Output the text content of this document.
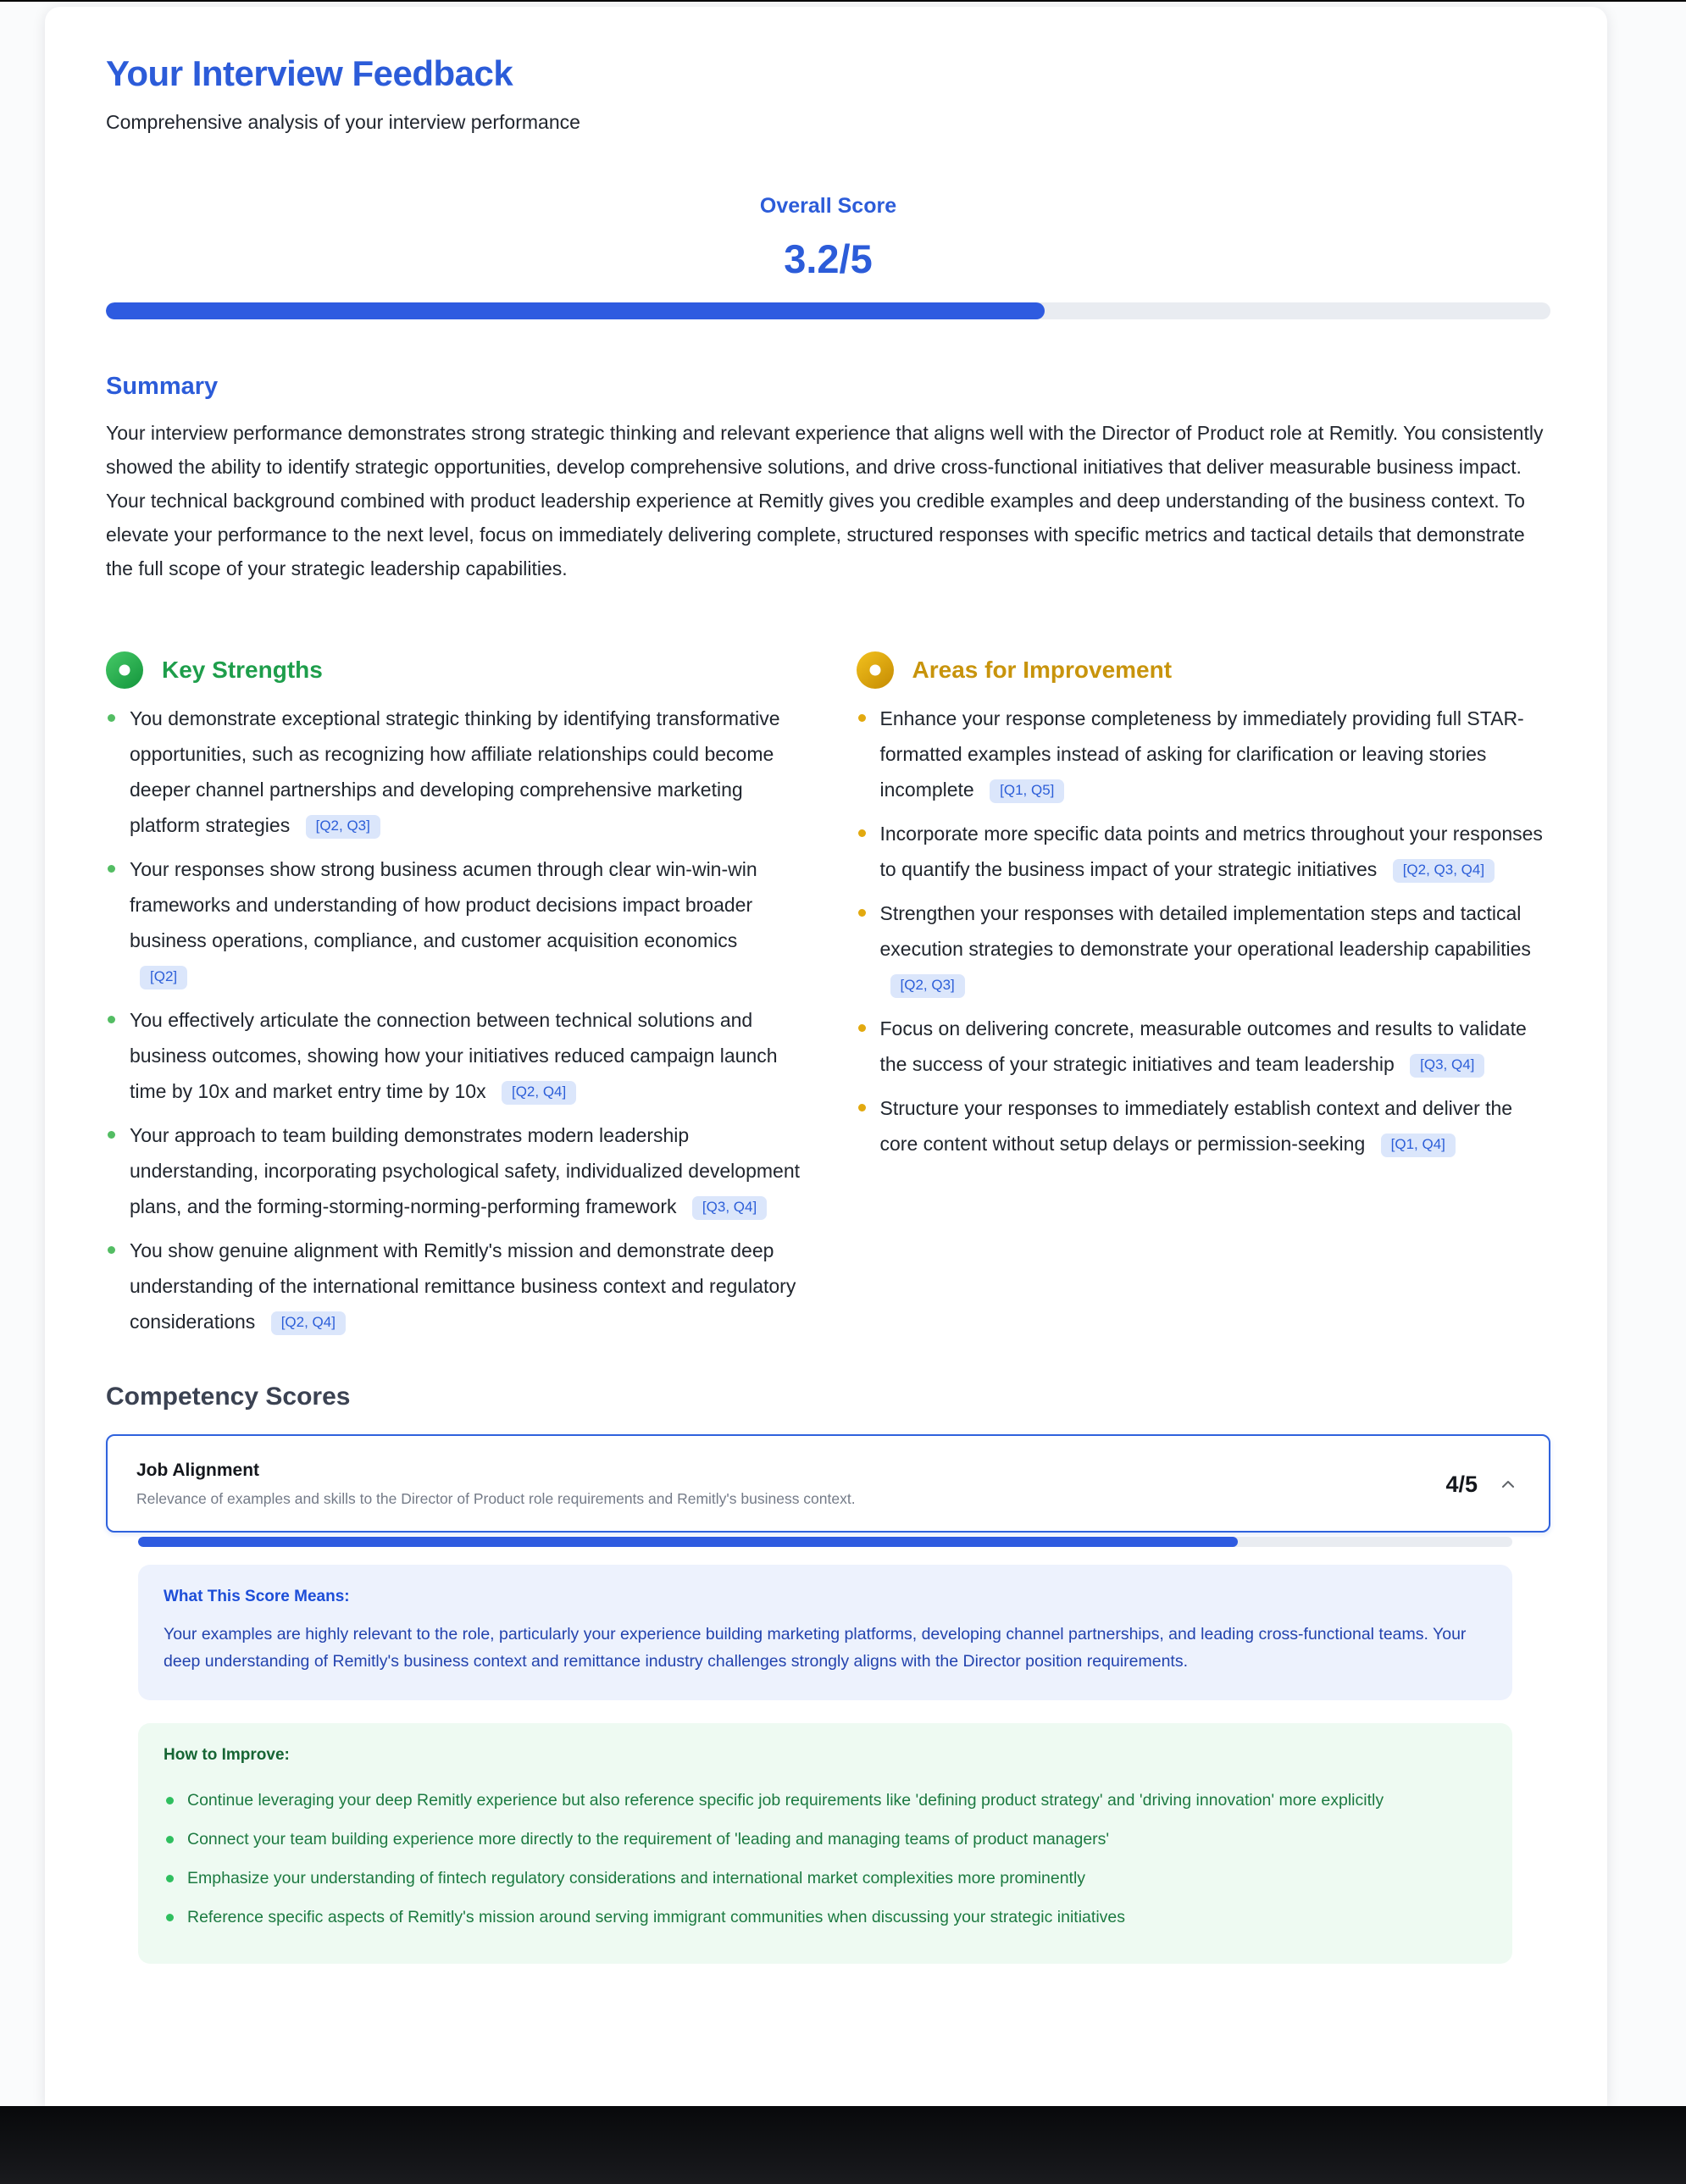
Your Interview Feedback
Comprehensive analysis of your interview performance
Overall Score
3.2/5
Summary

Your interview performance demonstrates strong strategic thinking and relevant experience that aligns well with the Director of Product role at Remitly. You consistently showed the ability to identify strategic opportunities, develop comprehensive solutions, and drive cross-functional initiatives that deliver measurable business impact. Your technical background combined with product leadership experience at Remitly gives you credible examples and deep understanding of the business context. To elevate your performance to the next level, focus on immediately delivering complete, structured responses with specific metrics and tactical details that demonstrate the full scope of your strategic leadership capabilities.

Key Strengths
You demonstrate exceptional strategic thinking by identifying transformative opportunities, such as recognizing how affiliate relationships could become deeper channel partnerships and developing comprehensive marketing platform strategies [Q2, Q3]
Your responses show strong business acumen through clear win-win-win frameworks and understanding of how product decisions impact broader business operations, compliance, and customer acquisition economics [Q2]
You effectively articulate the connection between technical solutions and business outcomes, showing how your initiatives reduced campaign launch time by 10x and market entry time by 10x [Q2, Q4]
Your approach to team building demonstrates modern leadership understanding, incorporating psychological safety, individualized development plans, and the forming-storming-norming-performing framework [Q3, Q4]
You show genuine alignment with Remitly's mission and demonstrate deep understanding of the international remittance business context and regulatory considerations [Q2, Q4]
Areas for Improvement
Enhance your response completeness by immediately providing full STAR-formatted examples instead of asking for clarification or leaving stories incomplete [Q1, Q5]
Incorporate more specific data points and metrics throughout your responses to quantify the business impact of your strategic initiatives [Q2, Q3, Q4]
Strengthen your responses with detailed implementation steps and tactical execution strategies to demonstrate your operational leadership capabilities [Q2, Q3]
Focus on delivering concrete, measurable outcomes and results to validate the success of your strategic initiatives and team leadership [Q3, Q4]
Structure your responses to immediately establish context and deliver the core content without setup delays or permission-seeking [Q1, Q4]
Competency Scores
Job Alignment
Relevance of examples and skills to the Director of Product role requirements and Remitly's business context.
4/5
What This Score Means:
Your examples are highly relevant to the role, particularly your experience building marketing platforms, developing channel partnerships, and leading cross-functional teams. Your deep understanding of Remitly's business context and remittance industry challenges strongly aligns with the Director position requirements.
How to Improve:
Continue leveraging your deep Remitly experience but also reference specific job requirements like 'defining product strategy' and 'driving innovation' more explicitly
Connect your team building experience more directly to the requirement of 'leading and managing teams of product managers'
Emphasize your understanding of fintech regulatory considerations and international market complexities more prominently
Reference specific aspects of Remitly's mission around serving immigrant communities when discussing your strategic initiatives
